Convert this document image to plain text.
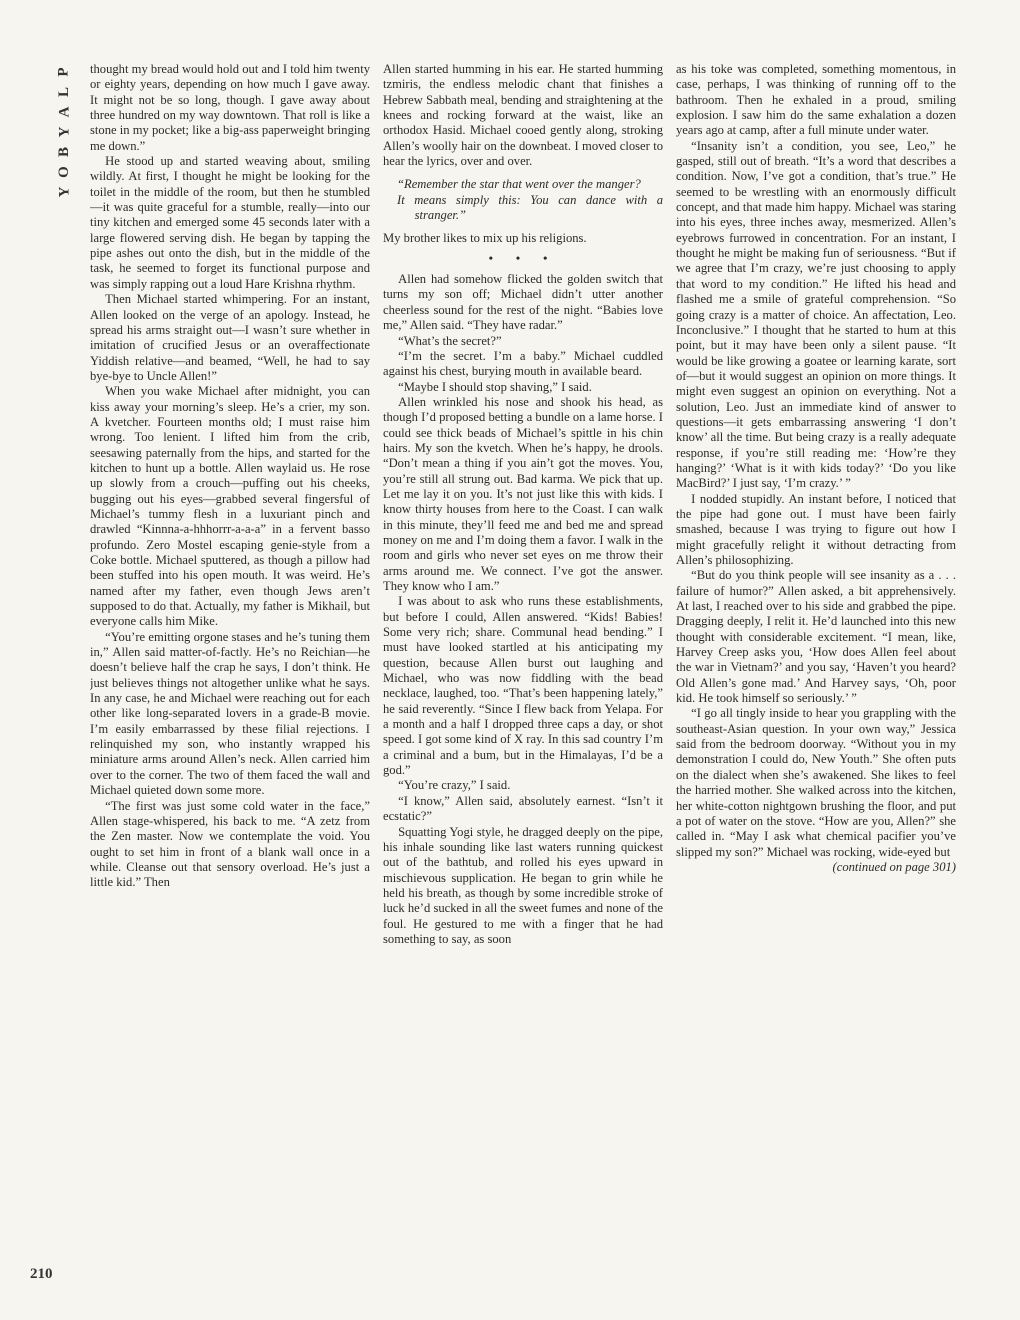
P
L
A
Y
B
O
Y
210

thought my bread would hold out and I told him twenty or eighty years, depending on how much I gave away. It might not be so long, though. I gave away about three hundred on my way downtown. That roll is like a stone in my pocket; like a big-ass paperweight bringing me down.”

He stood up and started weaving about, smiling wildly. At first, I thought he might be looking for the toilet in the middle of the room, but then he stumbled—it was quite graceful for a stumble, really—into our tiny kitchen and emerged some 45 seconds later with a large flowered serving dish. He began by tapping the pipe ashes out onto the dish, but in the middle of the task, he seemed to forget its functional purpose and was simply rapping out a loud Hare Krishna rhythm.

Then Michael started whimpering. For an instant, Allen looked on the verge of an apology. Instead, he spread his arms straight out—I wasn’t sure whether in imitation of crucified Jesus or an overaffectionate Yiddish relative—and beamed, “Well, he had to say bye-bye to Uncle Allen!”

When you wake Michael after midnight, you can kiss away your morning’s sleep. He’s a crier, my son. A kvetcher. Fourteen months old; I must raise him wrong. Too lenient. I lifted him from the crib, seesawing paternally from the hips, and started for the kitchen to hunt up a bottle. Allen waylaid us. He rose up slowly from a crouch—puffing out his cheeks, bugging out his eyes—grabbed several fingersful of Michael’s tummy flesh in a luxuriant pinch and drawled “Kinnna-a-hhhorrr-a-a-a” in a fervent basso profundo. Zero Mostel escaping genie-style from a Coke bottle. Michael sputtered, as though a pillow had been stuffed into his open mouth. It was weird. He’s named after my father, even though Jews aren’t supposed to do that. Actually, my father is Mikhail, but everyone calls him Mike.

“You’re emitting orgone stases and he’s tuning them in,” Allen said matter-of-factly. He’s no Reichian—he doesn’t believe half the crap he says, I don’t think. He just believes things not altogether unlike what he says. In any case, he and Michael were reaching out for each other like long-separated lovers in a grade-B movie. I’m easily embarrassed by these filial rejections. I relinquished my son, who instantly wrapped his miniature arms around Allen’s neck. Allen carried him over to the corner. The two of them faced the wall and Michael quieted down some more.

“The first was just some cold water in the face,” Allen stage-whispered, his back to me. “A zetz from the Zen master. Now we contemplate the void. You ought to set him in front of a blank wall once in a while. Cleanse out that sensory overload. He’s just a little kid.” Then

Allen started humming in his ear. He started humming tzmiris, the endless melodic chant that finishes a Hebrew Sabbath meal, bending and straightening at the knees and rocking forward at the waist, like an orthodox Hasid. Michael cooed gently along, stroking Allen’s woolly hair on the downbeat. I moved closer to hear the lyrics, over and over.

“Remember the star that went over the manger?

It means simply this: You can dance with a stranger.”

My brother likes to mix up his religions.

• • •

Allen had somehow flicked the golden switch that turns my son off; Michael didn’t utter another cheerless sound for the rest of the night. “Babies love me,” Allen said. “They have radar.”

“What’s the secret?”

“I’m the secret. I’m a baby.” Michael cuddled against his chest, burying mouth in available beard.

“Maybe I should stop shaving,” I said.

Allen wrinkled his nose and shook his head, as though I’d proposed betting a bundle on a lame horse. I could see thick beads of Michael’s spittle in his chin hairs. My son the kvetch. When he’s happy, he drools. “Don’t mean a thing if you ain’t got the moves. You, you’re still all strung out. Bad karma. We pick that up. Let me lay it on you. It’s not just like this with kids. I know thirty houses from here to the Coast. I can walk in this minute, they’ll feed me and bed me and spread money on me and I’m doing them a favor. I walk in the room and girls who never set eyes on me throw their arms around me. We connect. I’ve got the answer. They know who I am.”

I was about to ask who runs these establishments, but before I could, Allen answered. “Kids! Babies! Some very rich; share. Communal head bending.” I must have looked startled at his anticipating my question, because Allen burst out laughing and Michael, who was now fiddling with the bead necklace, laughed, too. “That’s been happening lately,” he said reverently. “Since I flew back from Yelapa. For a month and a half I dropped three caps a day, or shot speed. I got some kind of X ray. In this sad country I’m a criminal and a bum, but in the Himalayas, I’d be a god.”

“You’re crazy,” I said.

“I know,” Allen said, absolutely earnest. “Isn’t it ecstatic?”

Squatting Yogi style, he dragged deeply on the pipe, his inhale sounding like last waters running quickest out of the bathtub, and rolled his eyes upward in mischievous supplication. He began to grin while he held his breath, as though by some incredible stroke of luck he’d sucked in all the sweet fumes and none of the foul. He gestured to me with a finger that he had something to say, as soon

as his toke was completed, something momentous, in case, perhaps, I was thinking of running off to the bathroom. Then he exhaled in a proud, smiling explosion. I saw him do the same exhalation a dozen years ago at camp, after a full minute under water.

“Insanity isn’t a condition, you see, Leo,” he gasped, still out of breath. “It’s a word that describes a condition. Now, I’ve got a condition, that’s true.” He seemed to be wrestling with an enormously difficult concept, and that made him happy. Michael was staring into his eyes, three inches away, mesmerized. Allen’s eyebrows furrowed in concentration. For an instant, I thought he might be making fun of seriousness. “But if we agree that I’m crazy, we’re just choosing to apply that word to my condition.” He lifted his head and flashed me a smile of grateful comprehension. “So going crazy is a matter of choice. An affectation, Leo. Inconclusive.” I thought that he started to hum at this point, but it may have been only a silent pause. “It would be like growing a goatee or learning karate, sort of—but it would suggest an opinion on more things. It might even suggest an opinion on everything. Not a solution, Leo. Just an immediate kind of answer to questions—it gets embarrassing answering ‘I don’t know’ all the time. But being crazy is a really adequate response, if you’re still reading me: ‘How’re they hanging?’ ‘What is it with kids today?’ ‘Do you like MacBird?’ I just say, ‘I’m crazy.’ ”

I nodded stupidly. An instant before, I noticed that the pipe had gone out. I must have been fairly smashed, because I was trying to figure out how I might gracefully relight it without detracting from Allen’s philosophizing.

“But do you think people will see insanity as a . . . failure of humor?” Allen asked, a bit apprehensively. At last, I reached over to his side and grabbed the pipe. Dragging deeply, I relit it. He’d launched into this new thought with considerable excitement. “I mean, like, Harvey Creep asks you, ‘How does Allen feel about the war in Vietnam?’ and you say, ‘Haven’t you heard? Old Allen’s gone mad.’ And Harvey says, ‘Oh, poor kid. He took himself so seriously.’ ”

“I go all tingly inside to hear you grappling with the southeast-Asian question. In your own way,” Jessica said from the bedroom doorway. “Without you in my demonstration I could do, New Youth.” She often puts on the dialect when she’s awakened. She likes to feel the harried mother. She walked across into the kitchen, her white-cotton nightgown brushing the floor, and put a pot of water on the stove. “How are you, Allen?” she called in. “May I ask what chemical pacifier you’ve slipped my son?” Michael was rocking, wide-eyed but

(continued on page 301)
